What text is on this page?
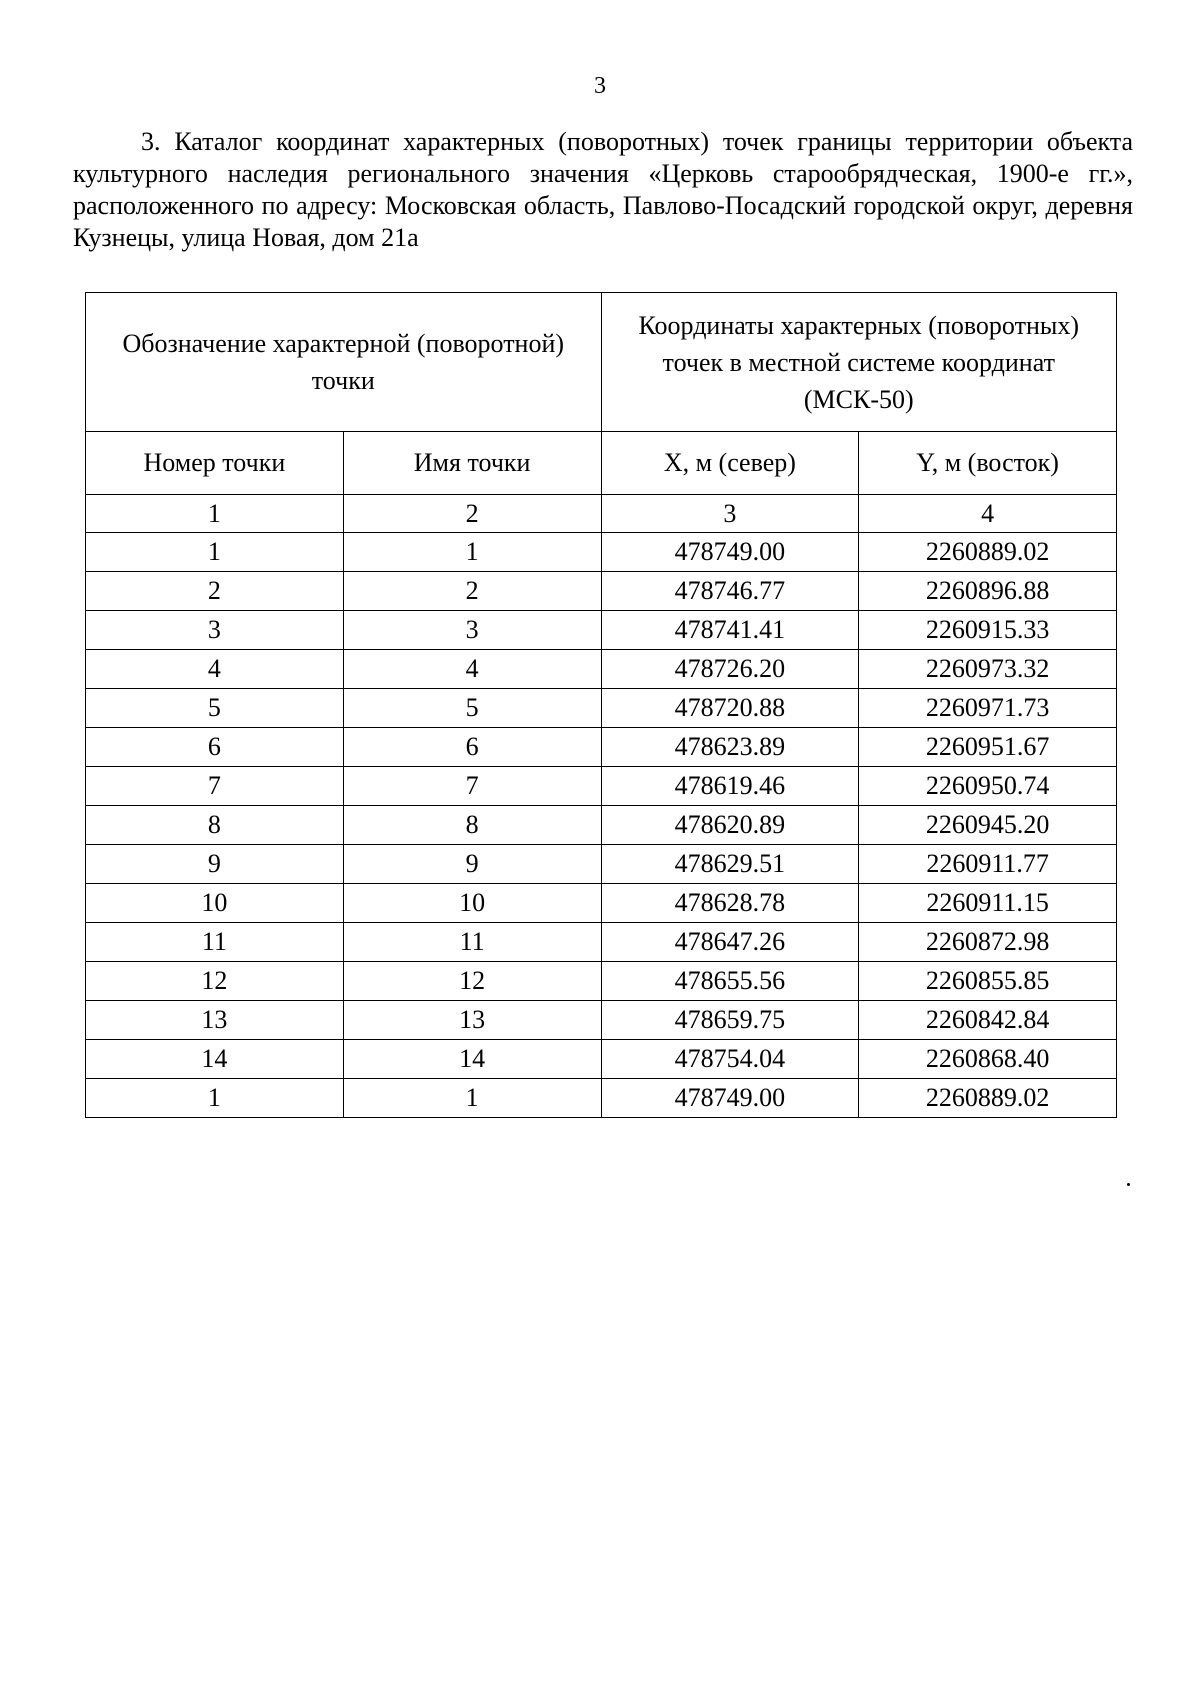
3

3. Каталог координат характерных (поворотных) точек границы территории объекта культурного наследия регионального значения «Церковь старообрядческая, 1900-е гг.», расположенного по адресу: Московская область, Павлово-Посадский городской округ, деревня Кузнецы, улица Новая, дом 21а

Обозначение характерной (поворотной) точки		Координаты характерных (поворотных) точек в местной системе координат (МСК-50)	
Номер точки	Имя точки	X, м (север)	Y, м (восток)
1	2	3	4
1	1	478749.00	2260889.02
2	2	478746.77	2260896.88
3	3	478741.41	2260915.33
4	4	478726.20	2260973.32
5	5	478720.88	2260971.73
6	6	478623.89	2260951.67
7	7	478619.46	2260950.74
8	8	478620.89	2260945.20
9	9	478629.51	2260911.77
10	10	478628.78	2260911.15
11	11	478647.26	2260872.98
12	12	478655.56	2260855.85
13	13	478659.75	2260842.84
14	14	478754.04	2260868.40
1	1	478749.00	2260889.02
